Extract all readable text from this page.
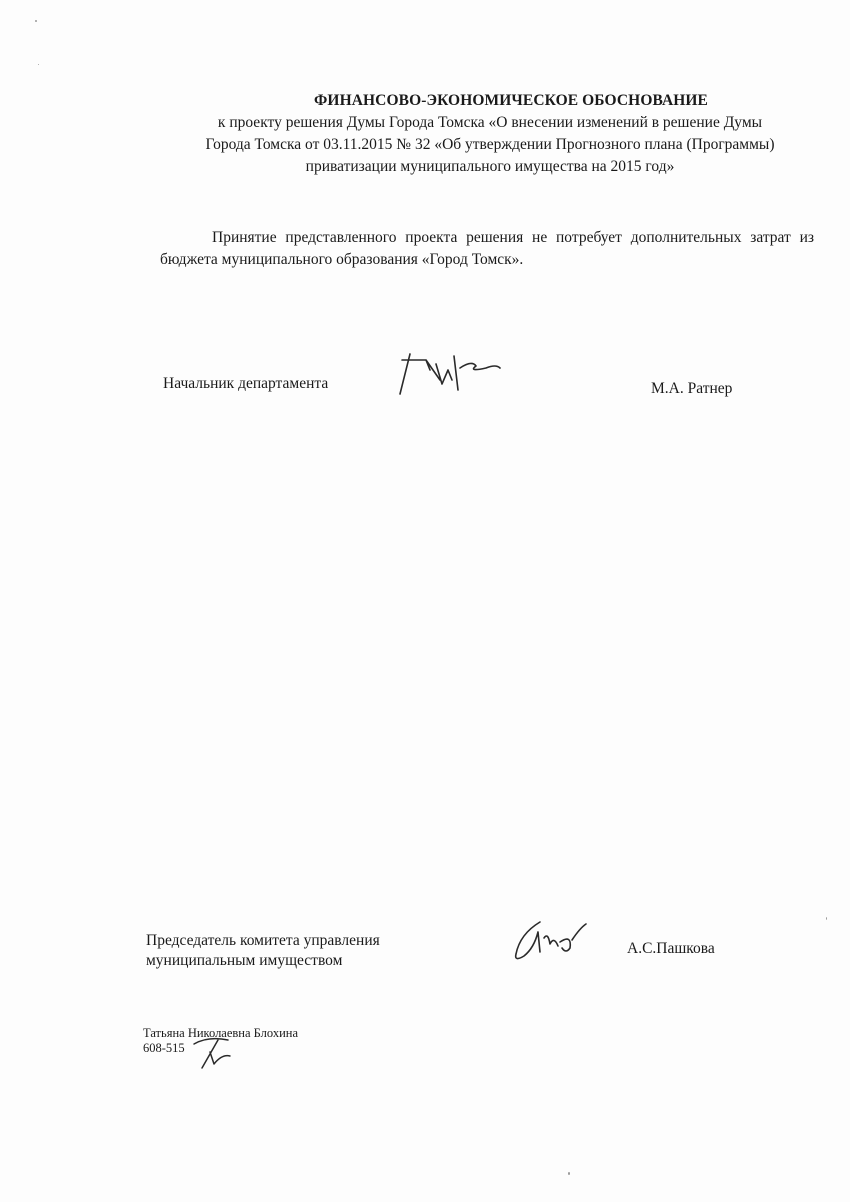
ФИНАНСОВО-ЭКОНОМИЧЕСКОЕ ОБОСНОВАНИЕ

к проекту решения Думы Города Томска «О внесении изменений в решение Думы
Города Томска от 03.11.2015 № 32 «Об утверждении Прогнозного плана (Программы)
приватизации муниципального имущества на 2015 год»

Принятие представленного проекта решения не потребует дополнительных затрат из
бюджета муниципального образования «Город Томск».
Начальник департамента	М.А. Ратнер
Председатель комитета управления
муниципальным имуществом
А.С.Пашкова
Татьяна Николаевна Блохина
608-515
